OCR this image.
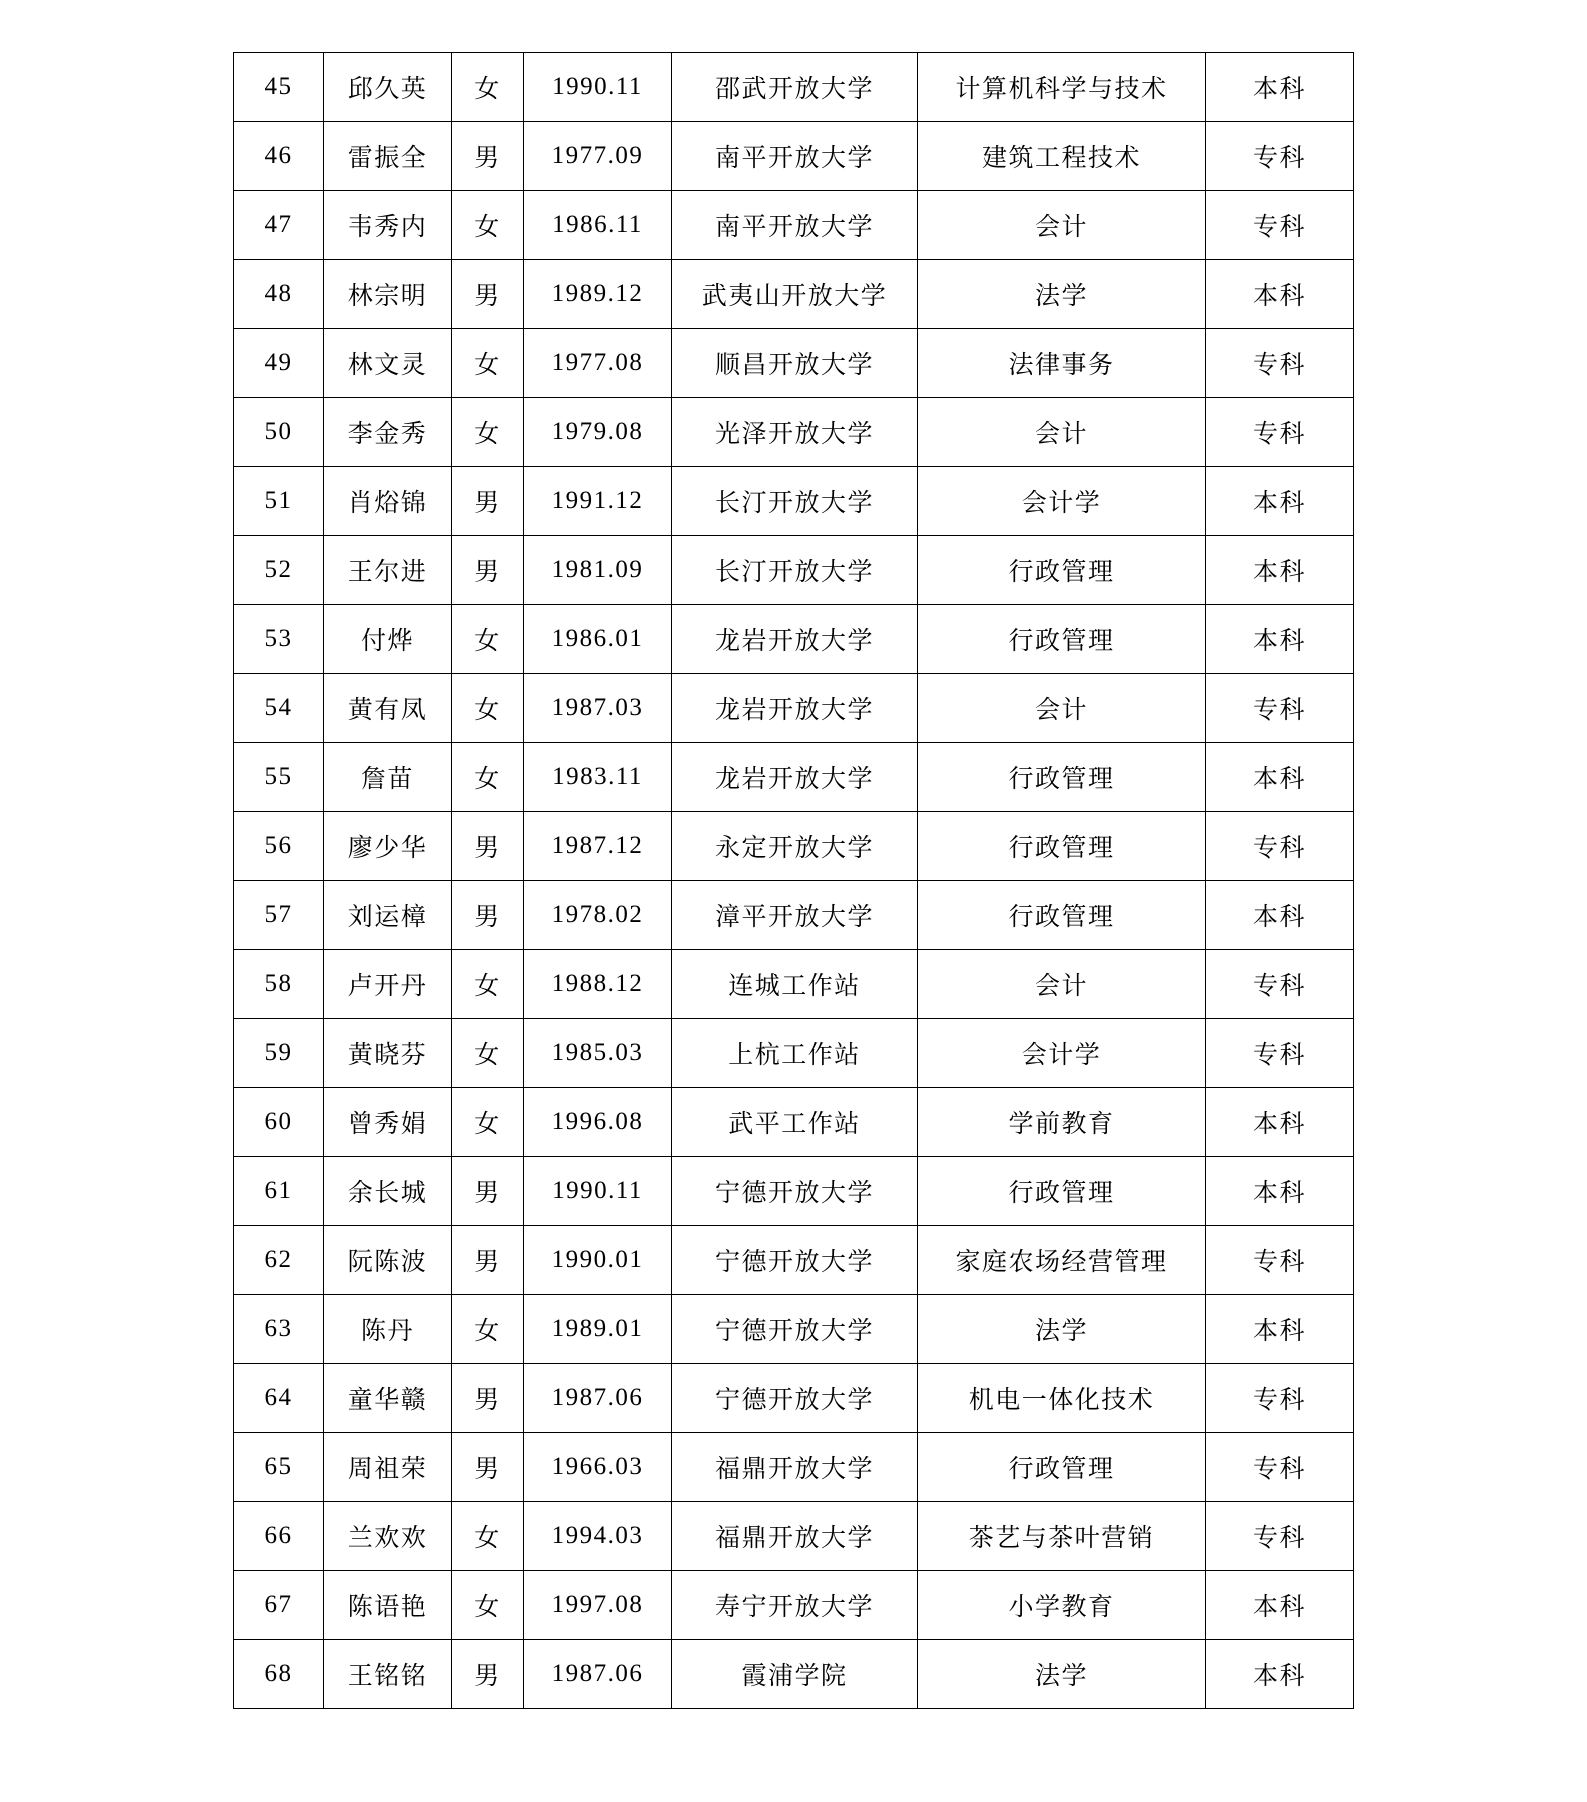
45	邱久英	女	1990.11	邵武开放大学	计算机科学与技术	本科
46	雷振全	男	1977.09	南平开放大学	建筑工程技术	专科
47	韦秀内	女	1986.11	南平开放大学	会计	专科
48	林宗明	男	1989.12	武夷山开放大学	法学	本科
49	林文灵	女	1977.08	顺昌开放大学	法律事务	专科
50	李金秀	女	1979.08	光泽开放大学	会计	专科
51	肖焀锦	男	1991.12	长汀开放大学	会计学	本科
52	王尔进	男	1981.09	长汀开放大学	行政管理	本科
53	付烨	女	1986.01	龙岩开放大学	行政管理	本科
54	黄有凤	女	1987.03	龙岩开放大学	会计	专科
55	詹苗	女	1983.11	龙岩开放大学	行政管理	本科
56	廖少华	男	1987.12	永定开放大学	行政管理	专科
57	刘运樟	男	1978.02	漳平开放大学	行政管理	本科
58	卢开丹	女	1988.12	连城工作站	会计	专科
59	黄晓芬	女	1985.03	上杭工作站	会计学	专科
60	曾秀娟	女	1996.08	武平工作站	学前教育	本科
61	余长城	男	1990.11	宁德开放大学	行政管理	本科
62	阮陈波	男	1990.01	宁德开放大学	家庭农场经营管理	专科
63	陈丹	女	1989.01	宁德开放大学	法学	本科
64	童华赣	男	1987.06	宁德开放大学	机电一体化技术	专科
65	周祖荣	男	1966.03	福鼎开放大学	行政管理	专科
66	兰欢欢	女	1994.03	福鼎开放大学	茶艺与茶叶营销	专科
67	陈语艳	女	1997.08	寿宁开放大学	小学教育	本科
68	王铭铭	男	1987.06	霞浦学院	法学	本科
